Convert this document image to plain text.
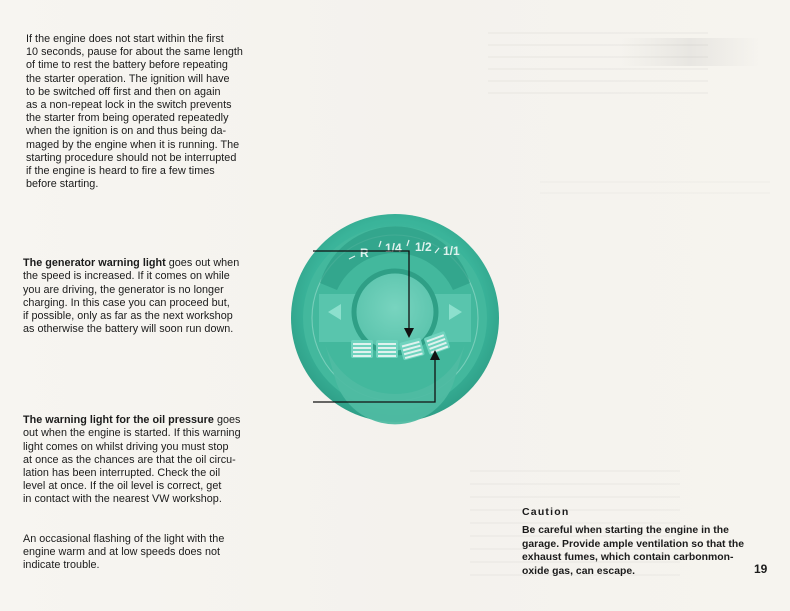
If the engine does not start within the first
10 seconds, pause for about the same length
of time to rest the battery before repeating
the starter operation. The ignition will have
to be switched off first and then on again
as a non-repeat lock in the switch prevents
the starter from being operated repeatedly
when the ignition is on and thus being da-
maged by the engine when it is running. The
starting procedure should not be interrupted
if the engine is heard to fire a few times
before starting.

The generator warning light goes out when
the speed is increased. If it comes on while
you are driving, the generator is no longer
charging. In this case you can proceed but,
if possible, only as far as the next workshop
as otherwise the battery will soon run down.

The warning light for the oil pressure goes
out when the engine is started. If this warning
light comes on whilst driving you must stop
at once as the chances are that the oil circu-
lation has been interrupted. Check the oil
level at once. If the oil level is correct, get
in contact with the nearest VW workshop.

An occasional flashing of the light with the
engine warm and at low speeds does not
indicate trouble.
Caution
Be careful when starting the engine in the
garage. Provide ample ventilation so that the
exhaust fumes, which contain carbonmon-
oxide gas, can escape.	19
R 1/4 1/2 1/1
